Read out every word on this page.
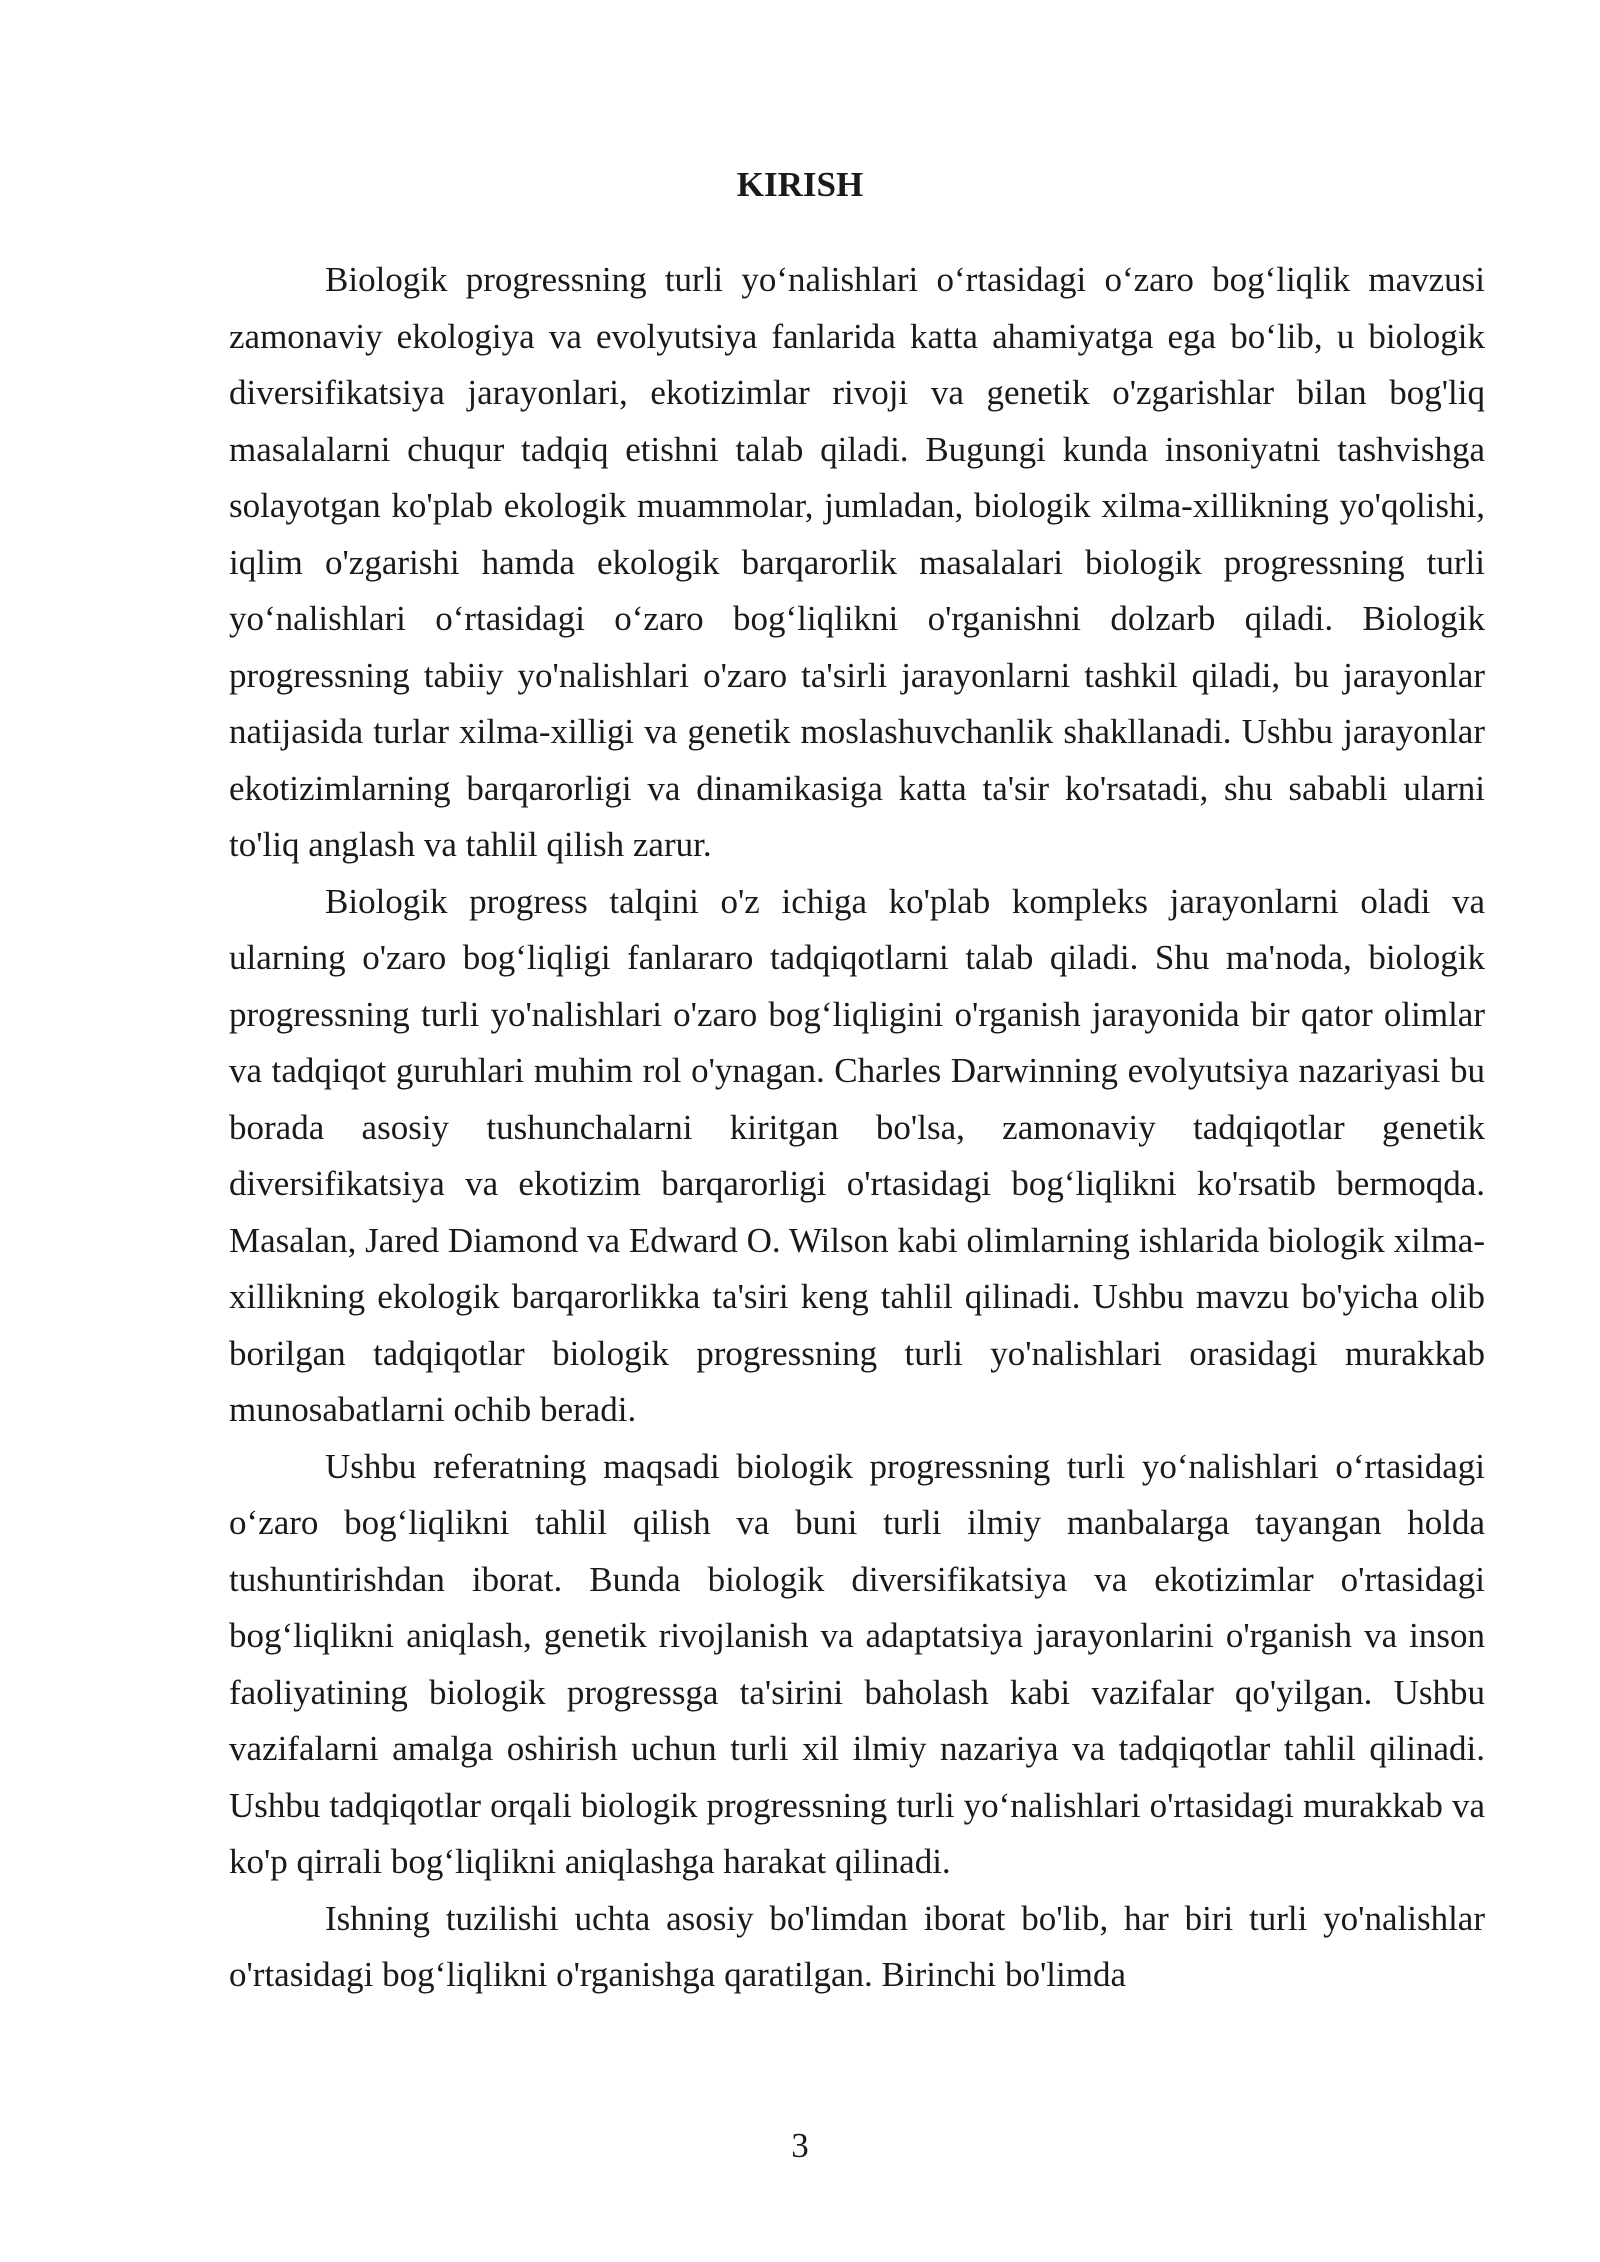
KIRISH

Biologik progressning turli yo‘nalishlari o‘rtasidagi o‘zaro bog‘liqlik mavzusi zamonaviy ekologiya va evolyutsiya fanlarida katta ahamiyatga ega bo‘lib, u biologik diversifikatsiya jarayonlari, ekotizimlar rivoji va genetik o'zgarishlar bilan bog'liq masalalarni chuqur tadqiq etishni talab qiladi. Bugungi kunda insoniyatni tashvishga solayotgan ko'plab ekologik muammolar, jumladan, biologik xilma-xillikning yo'qolishi, iqlim o'zgarishi hamda ekologik barqarorlik masalalari biologik progressning turli yo‘nalishlari o‘rtasidagi o‘zaro bog‘liqlikni o'rganishni dolzarb qiladi. Biologik progressning tabiiy yo'nalishlari o'zaro ta'sirli jarayonlarni tashkil qiladi, bu jarayonlar natijasida turlar xilma-xilligi va genetik moslashuvchanlik shakllanadi. Ushbu jarayonlar ekotizimlarning barqarorligi va dinamikasiga katta ta'sir ko'rsatadi, shu sababli ularni to'liq anglash va tahlil qilish zarur.

Biologik progress talqini o'z ichiga ko'plab kompleks jarayonlarni oladi va ularning o'zaro bog‘liqligi fanlararo tadqiqotlarni talab qiladi. Shu ma'noda, biologik progressning turli yo'nalishlari o'zaro bog‘liqligini o'rganish jarayonida bir qator olimlar va tadqiqot guruhlari muhim rol o'ynagan. Charles Darwinning evolyutsiya nazariyasi bu borada asosiy tushunchalarni kiritgan bo'lsa, zamonaviy tadqiqotlar genetik diversifikatsiya va ekotizim barqarorligi o'rtasidagi bog‘liqlikni ko'rsatib bermoqda. Masalan, Jared Diamond va Edward O. Wilson kabi olimlarning ishlarida biologik xilma-xillikning ekologik barqarorlikka ta'siri keng tahlil qilinadi. Ushbu mavzu bo'yicha olib borilgan tadqiqotlar biologik progressning turli yo'nalishlari orasidagi murakkab munosabatlarni ochib beradi.

Ushbu referatning maqsadi biologik progressning turli yo‘nalishlari o‘rtasidagi o‘zaro bog‘liqlikni tahlil qilish va buni turli ilmiy manbalarga tayangan holda tushuntirishdan iborat. Bunda biologik diversifikatsiya va ekotizimlar o'rtasidagi bog‘liqlikni aniqlash, genetik rivojlanish va adaptatsiya jarayonlarini o'rganish va inson faoliyatining biologik progressga ta'sirini baholash kabi vazifalar qo'yilgan. Ushbu vazifalarni amalga oshirish uchun turli xil ilmiy nazariya va tadqiqotlar tahlil qilinadi. Ushbu tadqiqotlar orqali biologik progressning turli yo‘nalishlari o'rtasidagi murakkab va ko'p qirrali bog‘liqlikni aniqlashga harakat qilinadi.

Ishning tuzilishi uchta asosiy bo'limdan iborat bo'lib, har biri turli yo'nalishlar o'rtasidagi bog‘liqlikni o'rganishga qaratilgan. Birinchi bo'limda

3
